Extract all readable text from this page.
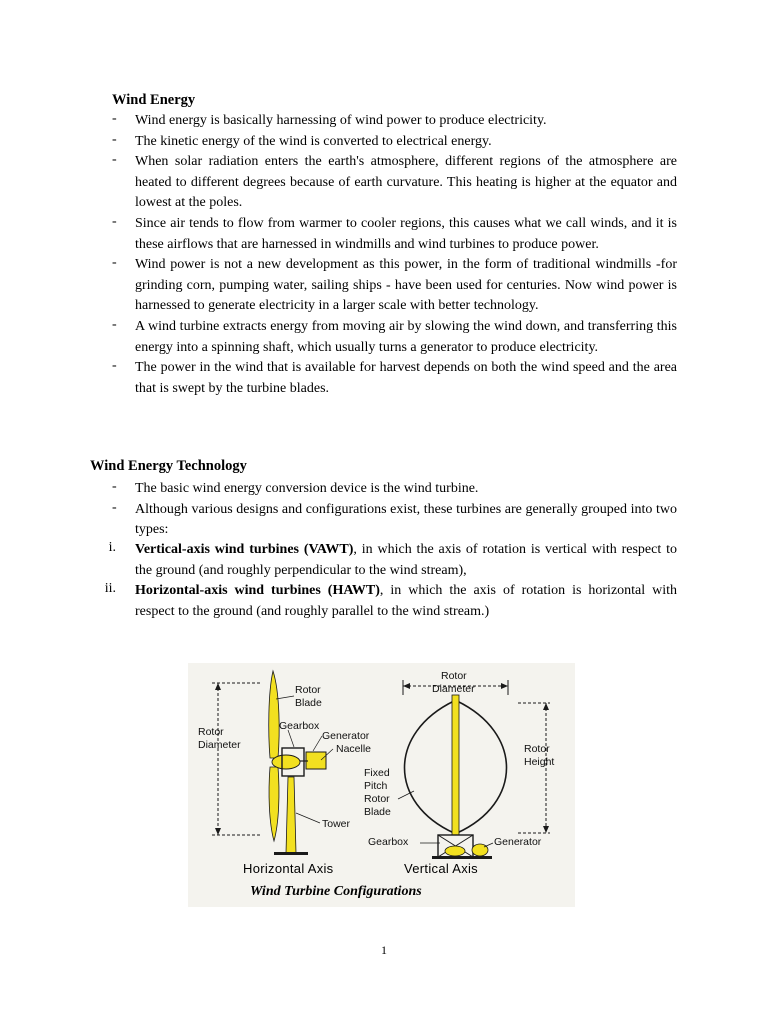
Wind Energy
-	Wind energy is basically harnessing of wind power to produce electricity.
-	The kinetic energy of the wind is converted to electrical energy.
-	When solar radiation enters the earth's atmosphere, different regions of the atmosphere are heated to different degrees because of earth curvature. This heating is higher at the equator and lowest at the poles.
-	Since air tends to flow from warmer to cooler regions, this causes what we call winds, and it is these airflows that are harnessed in windmills and wind turbines to produce power.
-	Wind power is not a new development as this power, in the form of traditional windmills -for grinding corn, pumping water, sailing ships - have been used for centuries. Now wind power is harnessed to generate electricity in a larger scale with better technology.
-	A wind turbine extracts energy from moving air by slowing the wind down, and transferring this energy into a spinning shaft, which usually turns a generator to produce electricity.
-	The power in the wind that is available for harvest depends on both the wind speed and the area that is swept by the turbine blades.
Wind Energy Technology
-	The basic wind energy conversion device is the wind turbine.
-	Although various designs and configurations exist, these turbines are generally grouped into two types:
i. Vertical-axis wind turbines (VAWT), in which the axis of rotation is vertical with respect to the ground (and roughly perpendicular to the wind stream),
ii. Horizontal-axis wind turbines (HAWT), in which the axis of rotation is horizontal with respect to the ground (and roughly parallel to the wind stream.)
Rotor
Blade
Rotor
Diameter
Gearbox
Generator
Nacelle
Tower
Rotor
Diameter
Rotor
Height
Fixed
Pitch
Rotor
Blade
Gearbox	Generator
Horizontal Axis	Vertical Axis
Wind Turbine Configurations
1
